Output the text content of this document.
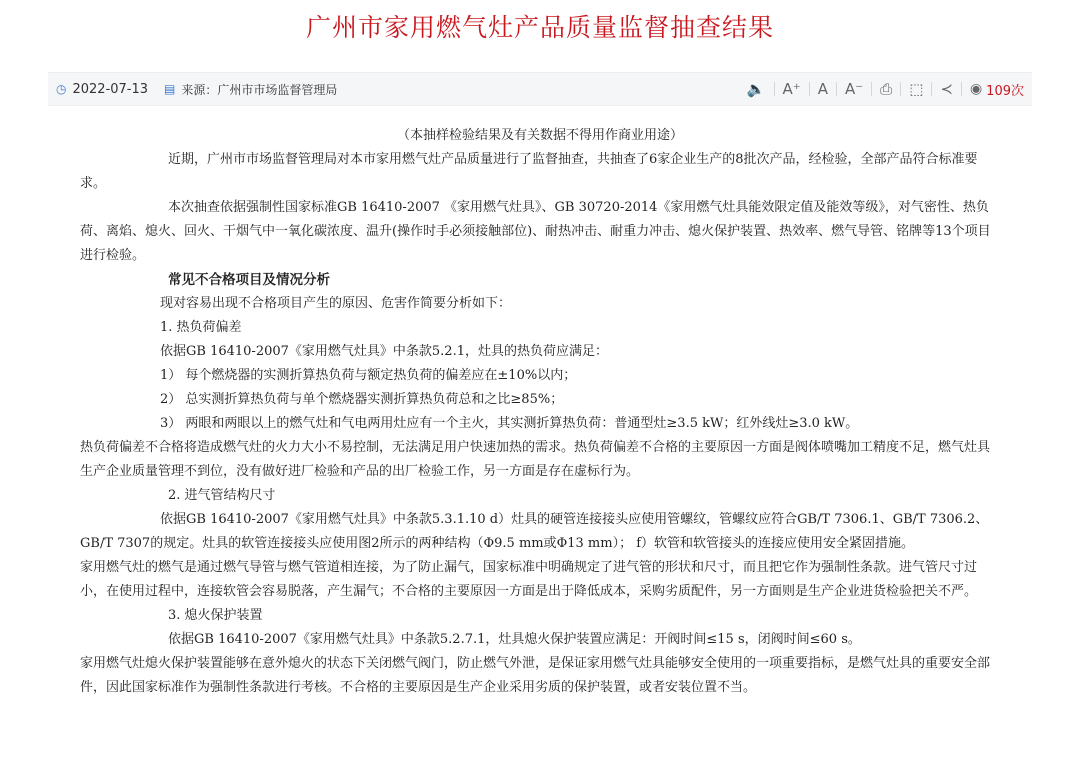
广州市家用燃气灶产品质量监督抽查结果
◷ 2022-07-13 ▤ 来源：广州市市场监督管理局	🔈	A⁺	A	A⁻	⎙	⬚	≺	◉ 109次

（本抽样检验结果及有关数据不得用作商业用途）

近期，广州市市场监督管理局对本市家用燃气灶产品质量进行了监督抽查，共抽查了6家企业生产的8批次产品，经检验，全部产品符合标准要求。

本次抽查依据强制性国家标准GB 16410-2007 《家用燃气灶具》、GB 30720-2014《家用燃气灶具能效限定值及能效等级》，对气密性、热负荷、离焰、熄火、回火、干烟气中一氧化碳浓度、温升(操作时手必须接触部位)、耐热冲击、耐重力冲击、熄火保护装置、热效率、燃气导管、铭牌等13个项目进行检验。

常见不合格项目及情况分析

现对容易出现不合格项目产生的原因、危害作简要分析如下：

1. 热负荷偏差

依据GB 16410-2007《家用燃气灶具》中条款5.2.1，灶具的热负荷应满足：

1） 每个燃烧器的实测折算热负荷与额定热负荷的偏差应在±10%以内；

2） 总实测折算热负荷与单个燃烧器实测折算热负荷总和之比≥85%；

3） 两眼和两眼以上的燃气灶和气电两用灶应有一个主火，其实测折算热负荷：普通型灶≥3.5 kW；红外线灶≥3.0 kW。

热负荷偏差不合格将造成燃气灶的火力大小不易控制，无法满足用户快速加热的需求。热负荷偏差不合格的主要原因一方面是阀体喷嘴加工精度不足，燃气灶具生产企业质量管理不到位，没有做好进厂检验和产品的出厂检验工作，另一方面是存在虚标行为。

2. 进气管结构尺寸

依据GB 16410-2007《家用燃气灶具》中条款5.3.1.10 d）灶具的硬管连接接头应使用管螺纹，管螺纹应符合GB/T 7306.1、GB/T 7306.2、GB/T 7307的规定。灶具的软管连接接头应使用图2所示的两种结构（Φ9.5 mm或Φ13 mm）； f）软管和软管接头的连接应使用安全紧固措施。

家用燃气灶的燃气是通过燃气导管与燃气管道相连接，为了防止漏气，国家标准中明确规定了进气管的形状和尺寸，而且把它作为强制性条款。进气管尺寸过小，在使用过程中，连接软管会容易脱落，产生漏气；不合格的主要原因一方面是出于降低成本，采购劣质配件，另一方面则是生产企业进货检验把关不严。

3. 熄火保护装置

依据GB 16410-2007《家用燃气灶具》中条款5.2.7.1，灶具熄火保护装置应满足：开阀时间≤15 s，闭阀时间≤60 s。

家用燃气灶熄火保护装置能够在意外熄火的状态下关闭燃气阀门，防止燃气外泄，是保证家用燃气灶具能够安全使用的一项重要指标，是燃气灶具的重要安全部件，因此国家标准作为强制性条款进行考核。不合格的主要原因是生产企业采用劣质的保护装置，或者安装位置不当。
